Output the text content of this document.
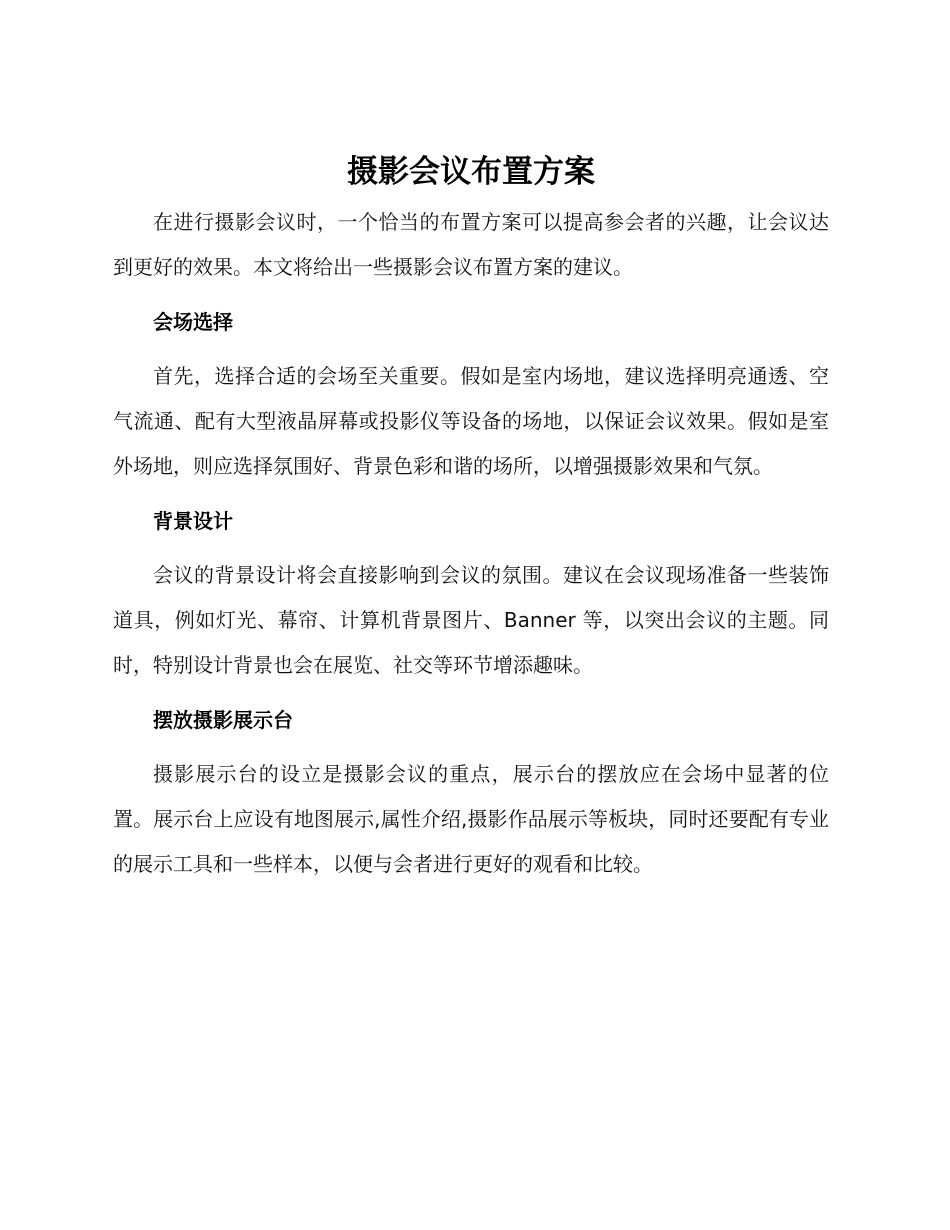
摄影会议布置方案

在进行摄影会议时，一个恰当的布置方案可以提高参会者的兴趣，让会议达到更好的效果。本文将给出一些摄影会议布置方案的建议。

会场选择

首先，选择合适的会场至关重要。假如是室内场地，建议选择明亮通透、空气流通、配有大型液晶屏幕或投影仪等设备的场地，以保证会议效果。假如是室外场地，则应选择氛围好、背景色彩和谐的场所，以增强摄影效果和气氛。

背景设计

会议的背景设计将会直接影响到会议的氛围。建议在会议现场准备一些装饰道具，例如灯光、幕帘、计算机背景图片、Banner 等，以突出会议的主题。同时，特别设计背景也会在展览、社交等环节增添趣味。

摆放摄影展示台

摄影展示台的设立是摄影会议的重点，展示台的摆放应在会场中显著的位置。展示台上应设有地图展示,属性介绍,摄影作品展示等板块，同时还要配有专业的展示工具和一些样本，以便与会者进行更好的观看和比较。
